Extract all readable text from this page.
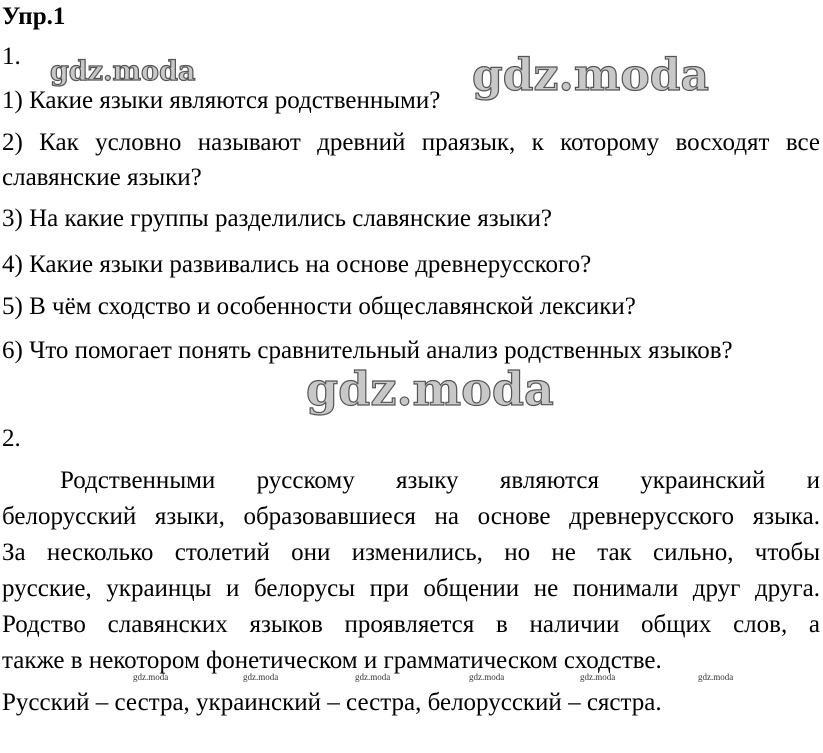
Упр.1
1. gdz.moda	gdz.moda
1) Какие языки являются родственными?
2) Как условно называют древний праязык, к которому восходят все
славянские языки?
3) На какие группы разделились славянские языки?
4) Какие языки развивались на основе древнерусского?
5) В чём сходство и особенности общеславянской лексики?
6) Что помогает понять сравнительный анализ родственных языков?
gdz.moda
2.
Родственными русскому языку являются украинский и
белорусский языки, образовавшиеся на основе древнерусского языка.
За несколько столетий они изменились, но не так сильно, чтобы
русские, украинцы и белорусы при общении не понимали друг друга.
Родство славянских языков проявляется в наличии общих слов, а
также в некотором фонетическом и грамматическом сходстве.
gdz.moda	gdz.moda	gdz.moda	gdz.moda	gdz.moda	gdz.moda
Русский – сестра, украинский – сестра, белорусский – сястра.
